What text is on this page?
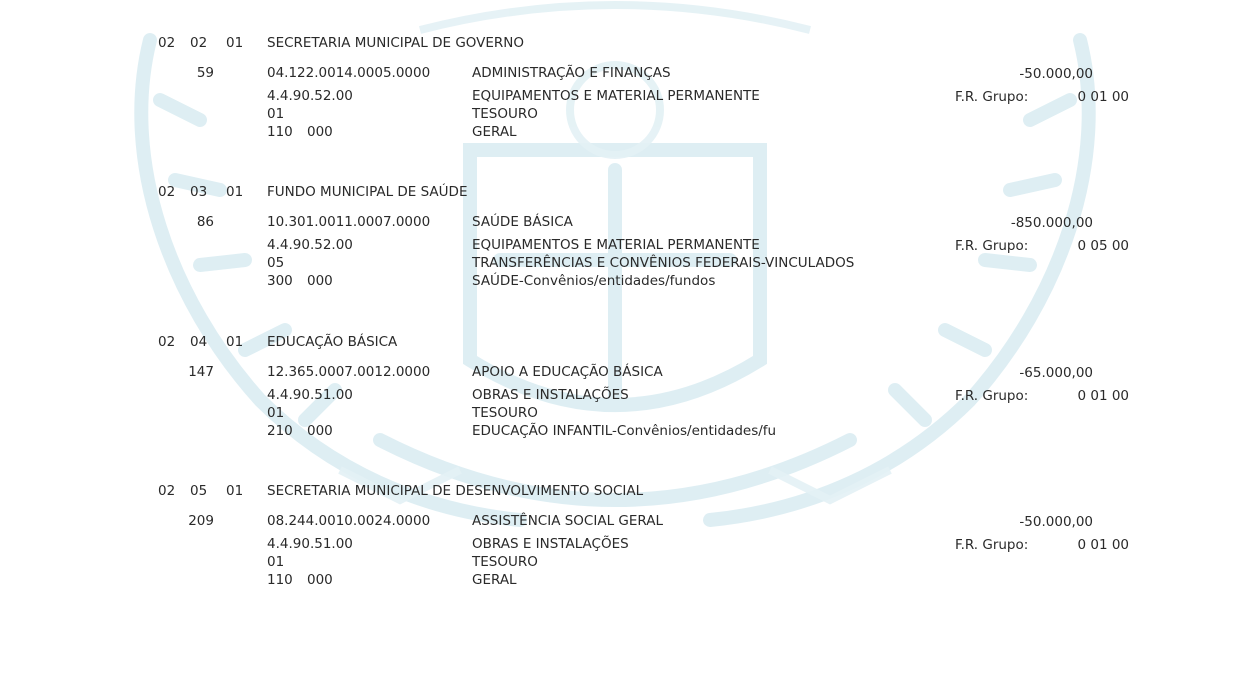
02 02 01 SECRETARIA MUNICIPAL DE GOVERNO
59	04.122.0014.0005.0000	ADMINISTRAÇÃO E FINANÇAS	-50.000,00
4.4.90.52.00	EQUIPAMENTOS E MATERIAL PERMANENTE	F.R. Grupo:	0 01 00
01	TESOURO
110 000	GERAL
02 03 01 FUNDO MUNICIPAL DE SAÚDE
86	10.301.0011.0007.0000	SAÚDE BÁSICA	-850.000,00
4.4.90.52.00	EQUIPAMENTOS E MATERIAL PERMANENTE	F.R. Grupo:	0 05 00
05	TRANSFERÊNCIAS E CONVÊNIOS FEDERAIS-VINCULADOS
300 000	SAÚDE-Convênios/entidades/fundos
02 04 01 EDUCAÇÃO BÁSICA
147	12.365.0007.0012.0000	APOIO A EDUCAÇÃO BÁSICA	-65.000,00
4.4.90.51.00	OBRAS E INSTALAÇÕES	F.R. Grupo:	0 01 00
01	TESOURO
210 000	EDUCAÇÃO INFANTIL-Convênios/entidades/fu
02 05 01 SECRETARIA MUNICIPAL DE DESENVOLVIMENTO SOCIAL
209	08.244.0010.0024.0000	ASSISTÊNCIA SOCIAL GERAL	-50.000,00
4.4.90.51.00	OBRAS E INSTALAÇÕES	F.R. Grupo:	0 01 00
01	TESOURO
110 000	GERAL
